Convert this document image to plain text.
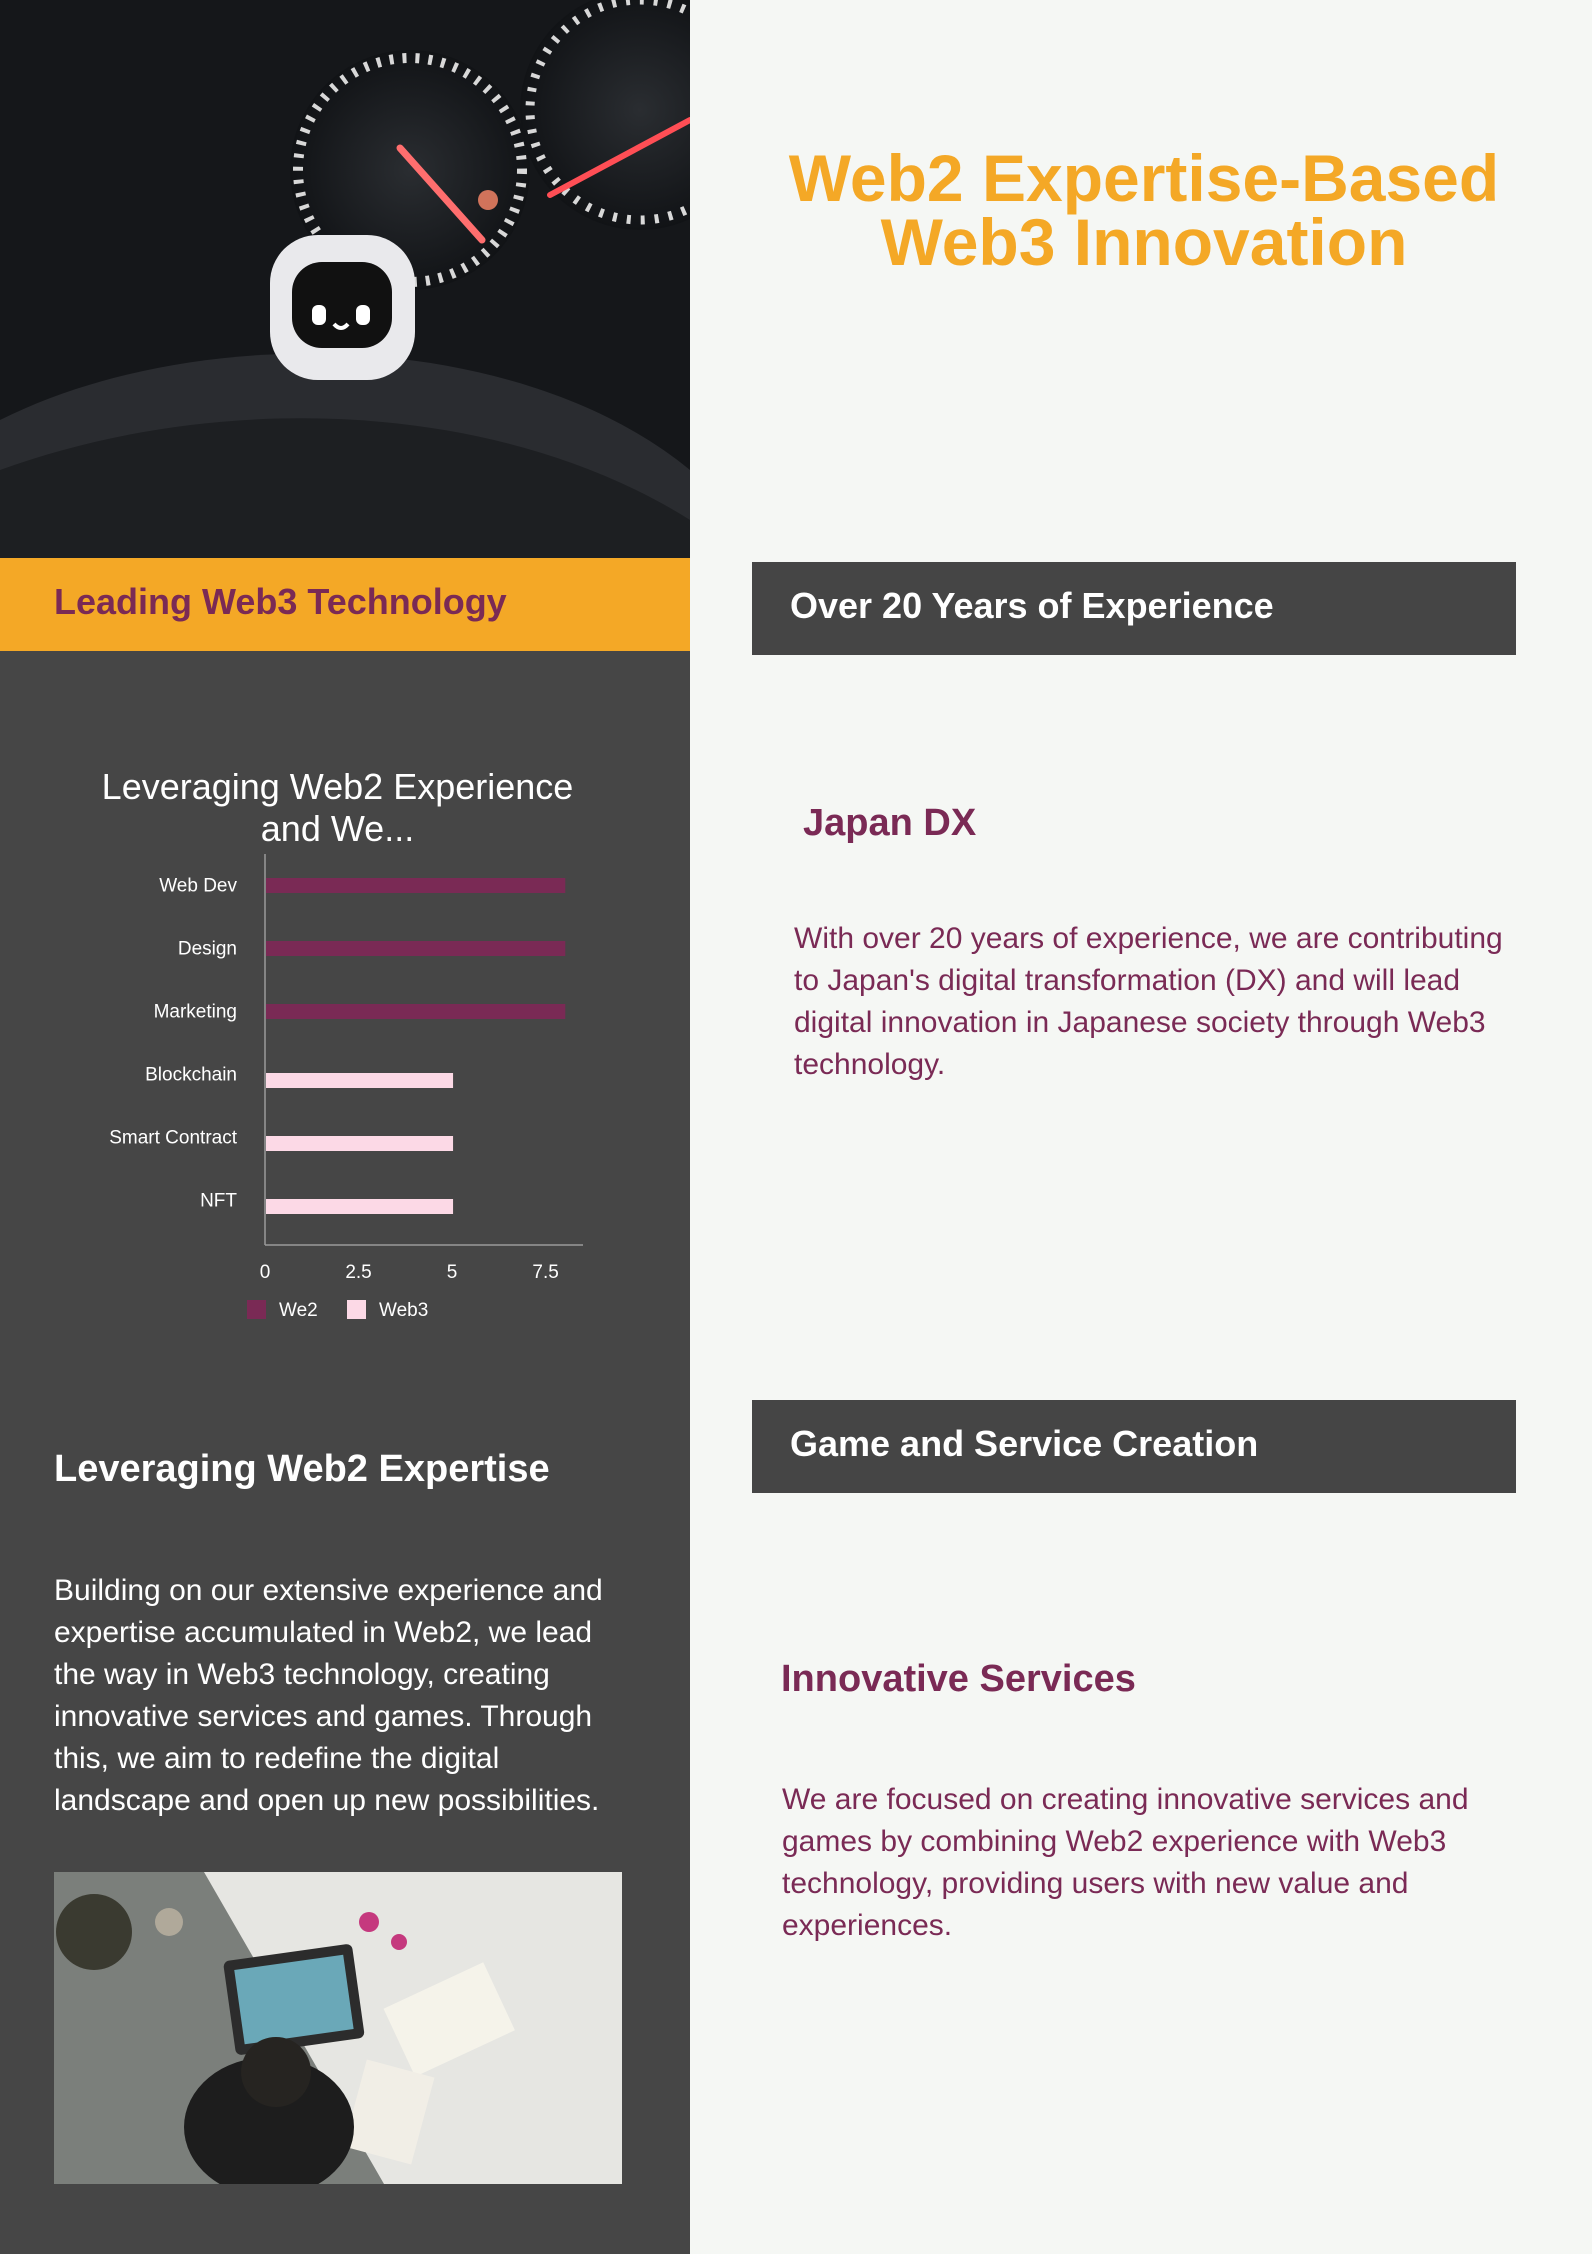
Leading Web3 Technology
Leveraging Web2 Experience and We...
Web Dev
Design
Marketing
Blockchain
Smart Contract
NFT
0	2.5	5	7.5
We2	Web3
Leveraging Web2 Expertise
Building on our extensive experience and expertise accumulated in Web2, we lead the way in Web3 technology, creating innovative services and games. Through this, we aim to redefine the digital landscape and open up new possibilities.
Web2 Expertise-Based
Web3 Innovation
Over 20 Years of Experience
Japan DX
With over 20 years of experience, we are contributing to Japan's digital transformation (DX) and will lead digital innovation in Japanese society through Web3 technology.
Game and Service Creation
Innovative Services
We are focused on creating innovative services and games by combining Web2 experience with Web3 technology, providing users with new value and experiences.
